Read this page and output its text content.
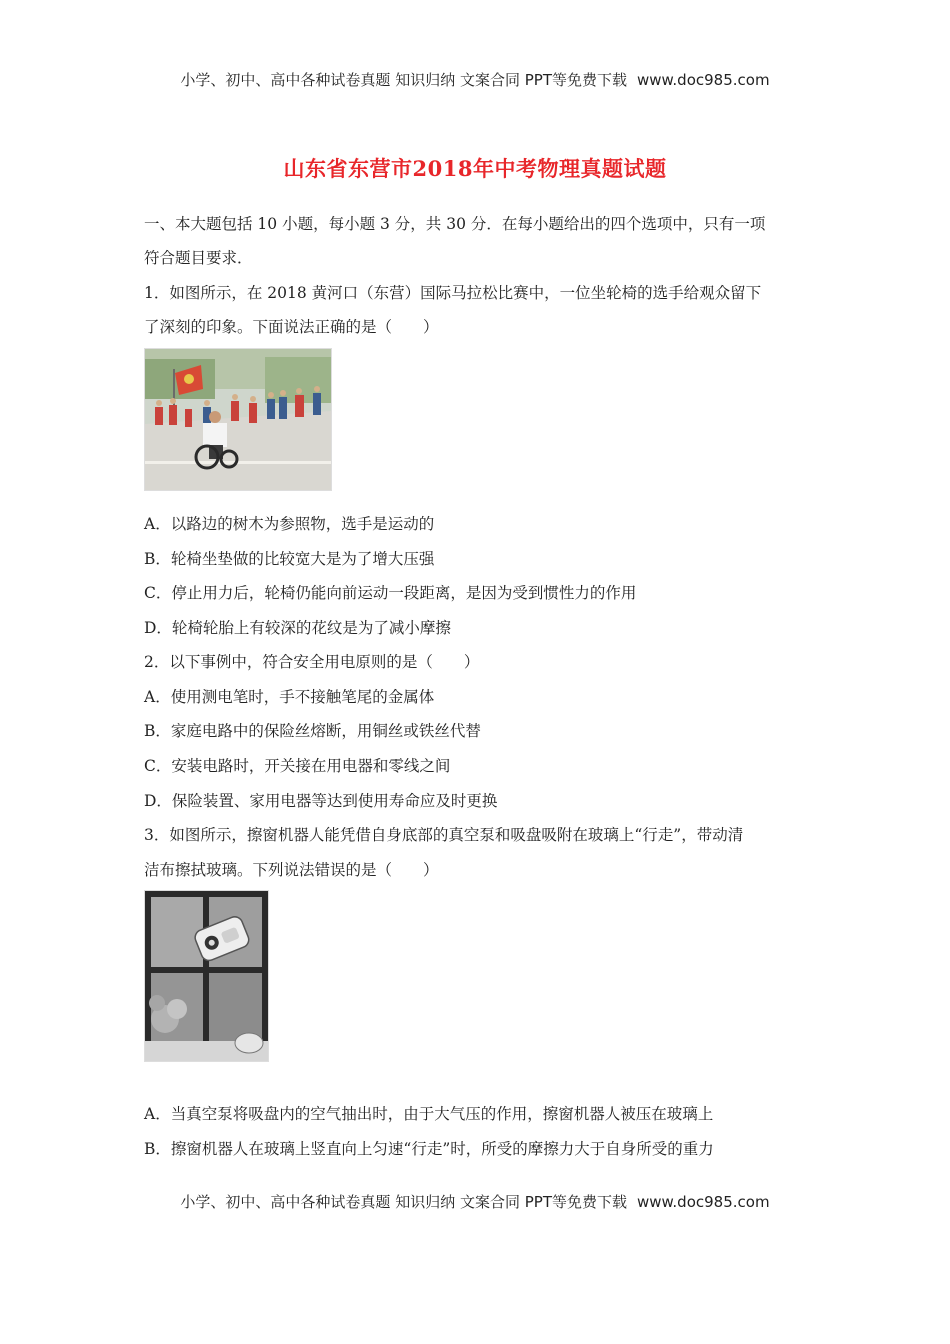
小学、初中、高中各种试卷真题 知识归纳 文案合同 PPT等免费下载 www.doc985.com
山东省东营市2018年中考物理真题试题
一、本大题包括 10 小题，每小题 3 分，共 30 分．在每小题给出的四个选项中，只有一项
符合题目要求．
1．如图所示，在 2018 黄河口（东营）国际马拉松比赛中，一位坐轮椅的选手给观众留下
了深刻的印象。下面说法正确的是（　　）
A．以路边的树木为参照物，选手是运动的
B．轮椅坐垫做的比较宽大是为了增大压强
C．停止用力后，轮椅仍能向前运动一段距离，是因为受到惯性力的作用
D．轮椅轮胎上有较深的花纹是为了减小摩擦
2．以下事例中，符合安全用电原则的是（　　）
A．使用测电笔时，手不接触笔尾的金属体
B．家庭电路中的保险丝熔断，用铜丝或铁丝代替
C．安装电路时，开关接在用电器和零线之间
D．保险装置、家用电器等达到使用寿命应及时更换
3．如图所示，擦窗机器人能凭借自身底部的真空泵和吸盘吸附在玻璃上“行走”，带动清
洁布擦拭玻璃。下列说法错误的是（　　）
A．当真空泵将吸盘内的空气抽出时，由于大气压的作用，擦窗机器人被压在玻璃上
B．擦窗机器人在玻璃上竖直向上匀速“行走”时，所受的摩擦力大于自身所受的重力
小学、初中、高中各种试卷真题 知识归纳 文案合同 PPT等免费下载 www.doc985.com
